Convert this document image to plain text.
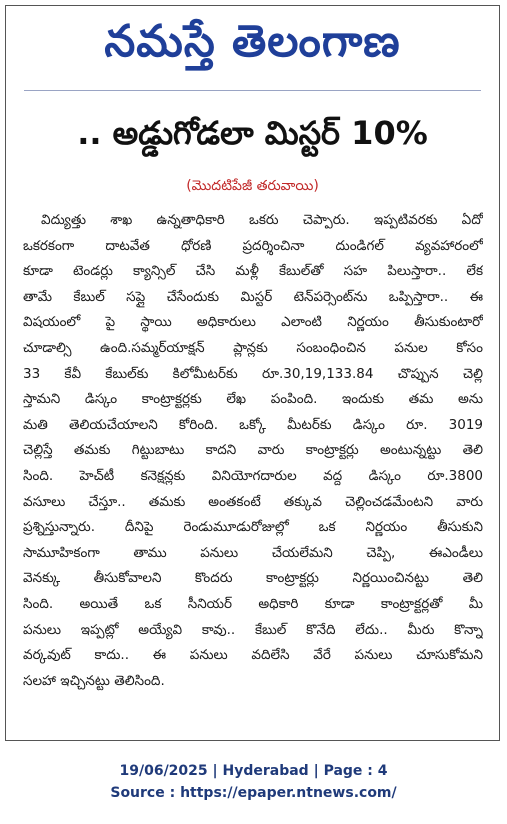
నమస్తే తెలంగాణ
.. అడ్డుగోడలా మిస్టర్ 10%
(మొదటిపేజీ తరువాయి)
విద్యుత్తు శాఖ ఉన్నతాధికారి ఒకరు చెప్పారు. ఇప్పటివరకు ఏదో
ఒకరకంగా దాటవేత ధోరణి ప్రదర్శించినా దుండిగల్ వ్యవహారంలో
కూడా టెండర్లు క్యాన్సిల్ చేసి మళ్లీ కేబుల్‌తో సహ పిలుస్తారా.. లేక
తామే కేబుల్ సప్లై చేసేందుకు మిస్టర్ టెన్‌పర్సెంట్‌ను ఒప్పిస్తారా.. ఈ
విషయంలో పై స్థాయి అధికారులు ఎలాంటి నిర్ణయం తీసుకుంటారో
చూడాల్సి ఉంది.సమ్మర్‌యాక్షన్ ప్లాన్లకు సంబంధించిన పనుల కోసం
33 కేవీ కేబుల్‌కు కిలోమీటర్‌కు రూ.30,19,133.84 చొప్పున చెల్లి
స్తామని డిస్కం కాంట్రాక్టర్లకు లేఖ పంపింది. ఇందుకు తమ అను
మతి తెలియచేయాలని కోరింది. ఒక్కో మీటర్‌కు డిస్కం రూ. 3019
చెల్లిస్తే తమకు గిట్టుబాటు కాదని వారు కాంట్రాక్టర్లు అంటున్నట్టు తెలి
సింది. హెచ్‌టీ కనెక్షన్లకు వినియోగదారుల వద్ద డిస్కం రూ.3800
వసూలు చేస్తూ.. తమకు అంతకంటే తక్కువ చెల్లించడమేంటని వారు
ప్రశ్నిస్తున్నారు. దీనిపై రెండుమూడురోజుల్లో ఒక నిర్ణయం తీసుకుని
సామూహికంగా తాము పనులు చేయలేమని చెప్పి, ఈఎండీలు
వెనక్కు తీసుకోవాలని కొందరు కాంట్రాక్టర్లు నిర్ణయించినట్టు తెలి
సింది. అయితే ఒక సీనియర్ అధికారి కూడా కాంట్రాక్టర్లతో మీ
పనులు ఇప్పట్లో అయ్యేవి కావు.. కేబుల్ కొనేది లేదు.. మీరు కొన్నా
వర్కవుట్ కాదు.. ఈ పనులు వదిలేసి వేరే పనులు చూసుకోమని
సలహా ఇచ్చినట్టు తెలిసింది.
19/06/2025 | Hyderabad | Page : 4
Source : https://epaper.ntnews.com/
